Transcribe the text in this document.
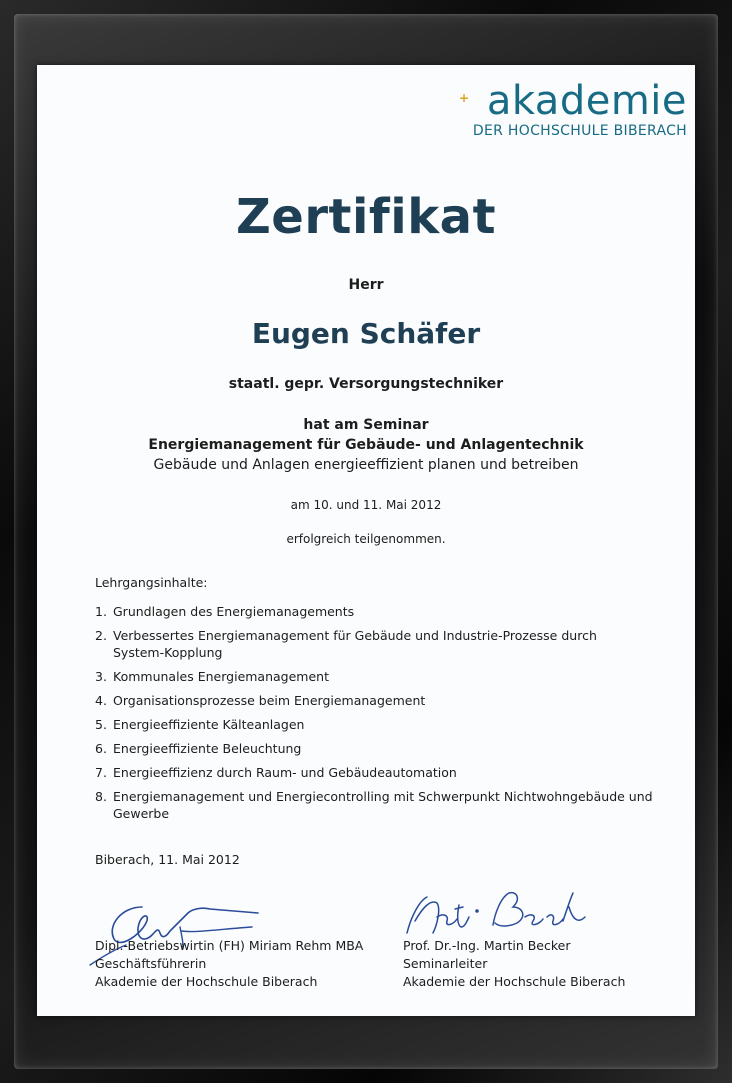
+ akademie
DER HOCHSCHULE BIBERACH
Zertifikat
Herr
Eugen Schäfer
staatl. gepr. Versorgungstechniker
hat am Seminar
Energiemanagement für Gebäude- und Anlagentechnik
Gebäude und Anlagen energieeffizient planen und betreiben
am 10. und 11. Mai 2012
erfolgreich teilgenommen.
Lehrgangsinhalte:
1. Grundlagen des Energiemanagements
2. Verbessertes Energiemanagement für Gebäude und Industrie-Prozesse durch System-Kopplung
3. Kommunales Energiemanagement
4. Organisationsprozesse beim Energiemanagement
5. Energieeffiziente Kälteanlagen
6. Energieeffiziente Beleuchtung
7. Energieeffizienz durch Raum- und Gebäudeautomation
8. Energiemanagement und Energiecontrolling mit Schwerpunkt Nichtwohngebäude und Gewerbe
Biberach, 11. Mai 2012
Dipl.-Betriebswirtin (FH) Miriam Rehm MBA
Geschäftsführerin
Akademie der Hochschule Biberach
Prof. Dr.-Ing. Martin Becker
Seminarleiter
Akademie der Hochschule Biberach
